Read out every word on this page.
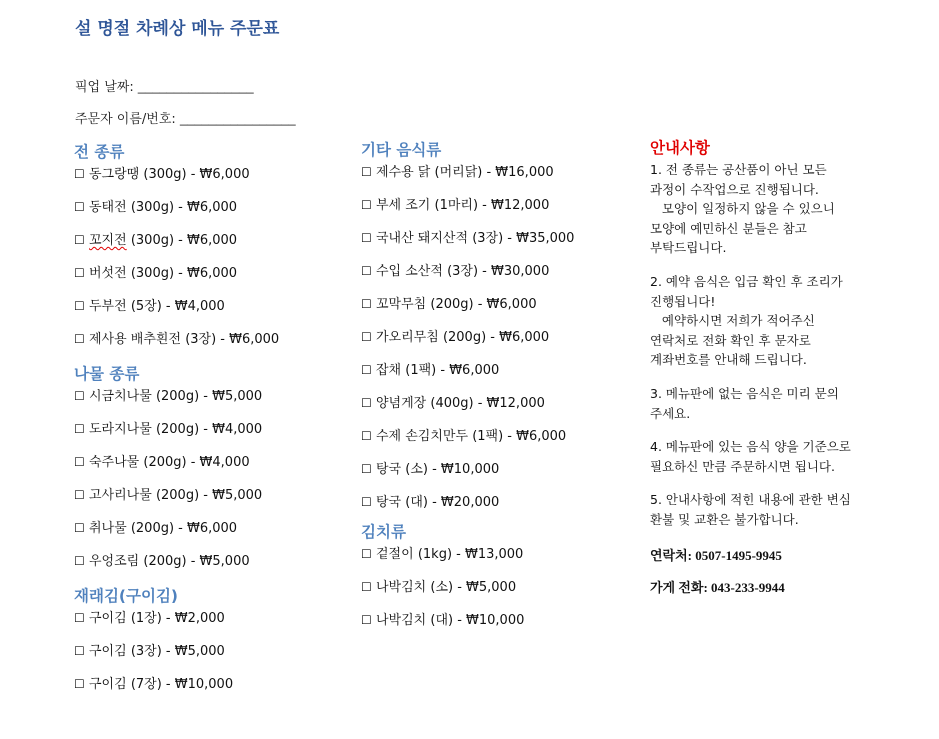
설 명절 차례상 메뉴 주문표
픽업 날짜: ________________
주문자 이름/번호: ________________
전 종류
☐ 동그랑땡 (300g) - ₩6,000
☐ 동태전 (300g) - ₩6,000
☐ 꼬지전 (300g) - ₩6,000
☐ 버섯전 (300g) - ₩6,000
☐ 두부전 (5장) - ₩4,000
☐ 제사용 배추흰전 (3장) - ₩6,000
나물 종류
☐ 시금치나물 (200g) - ₩5,000
☐ 도라지나물 (200g) - ₩4,000
☐ 숙주나물 (200g) - ₩4,000
☐ 고사리나물 (200g) - ₩5,000
☐ 취나물 (200g) - ₩6,000
☐ 우엉조림 (200g) - ₩5,000
재래김(구이김)
☐ 구이김 (1장) - ₩2,000
☐ 구이김 (3장) - ₩5,000
☐ 구이김 (7장) - ₩10,000
기타 음식류
☐ 제수용 닭 (머리닭) - ₩16,000
☐ 부세 조기 (1마리) - ₩12,000
☐ 국내산 돼지산적 (3장) - ₩35,000
☐ 수입 소산적 (3장) - ₩30,000
☐ 꼬막무침 (200g) - ₩6,000
☐ 가오리무침 (200g) - ₩6,000
☐ 잡채 (1팩) - ₩6,000
☐ 양념게장 (400g) - ₩12,000
☐ 수제 손김치만두 (1팩) - ₩6,000
☐ 탕국 (소) - ₩10,000
☐ 탕국 (대) - ₩20,000
김치류
☐ 겉절이 (1kg) - ₩13,000
☐ 나박김치 (소) - ₩5,000
☐ 나박김치 (대) - ₩10,000
안내사항

1. 전 종류는 공산품이 아닌 모든
과정이 수작업으로 진행됩니다.
모양이 일정하지 않을 수 있으니
모양에 예민하신 분들은 참고
부탁드립니다.

2. 예약 음식은 입금 확인 후 조리가
진행됩니다!
예약하시면 저희가 적어주신
연락처로 전화 확인 후 문자로
계좌번호를 안내해 드립니다.

3. 메뉴판에 없는 음식은 미리 문의
주세요.

4. 메뉴판에 있는 음식 양을 기준으로
필요하신 만큼 주문하시면 됩니다.

5. 안내사항에 적힌 내용에 관한 변심
환불 및 교환은 불가합니다.

연락처: 0507-1495-9945
가게 전화: 043-233-9944
